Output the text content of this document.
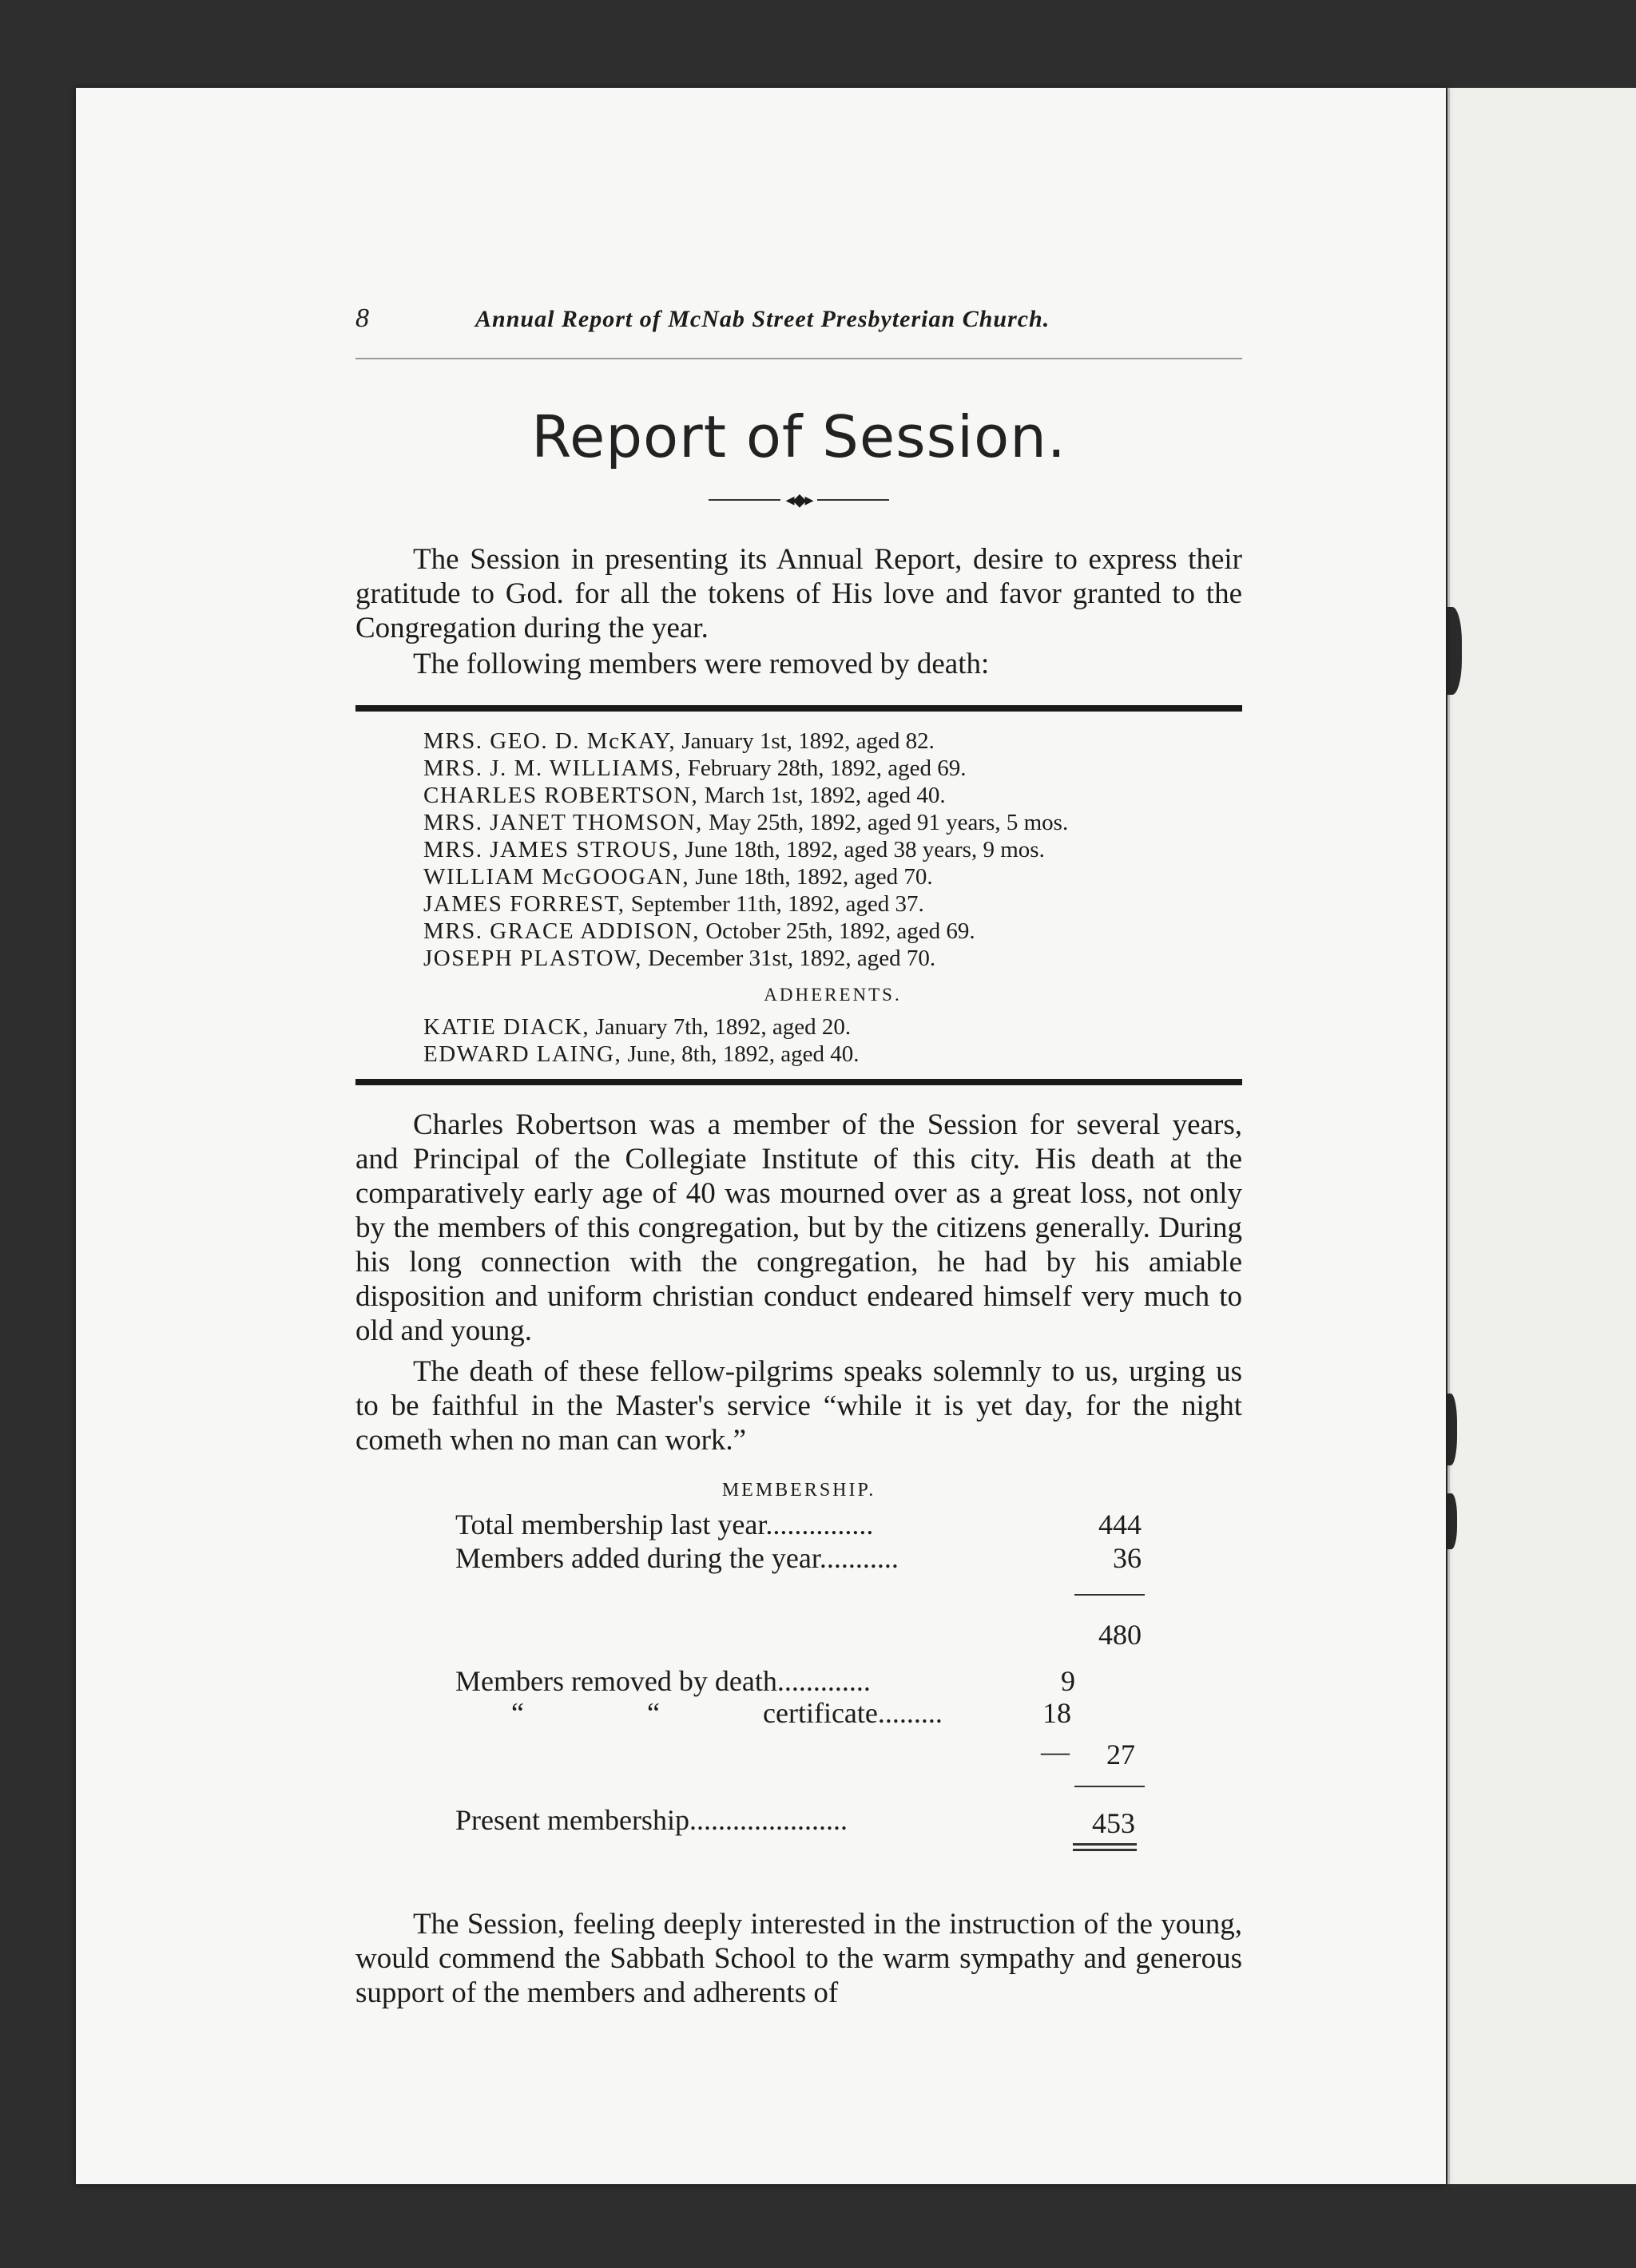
8	Annual Report of McNab Street Presbyterian Church.
Report of Session.
◂◆▸

The Session in presenting its Annual Report, desire to express their gratitude to God. for all the tokens of His love and favor granted to the Congregation during the year.

The following members were removed by death:

MRS. GEO. D. McKAY, January 1st, 1892, aged 82.
MRS. J. M. WILLIAMS, February 28th, 1892, aged 69.
CHARLES ROBERTSON, March 1st, 1892, aged 40.
MRS. JANET THOMSON, May 25th, 1892, aged 91 years, 5 mos.
MRS. JAMES STROUS, June 18th, 1892, aged 38 years, 9 mos.
WILLIAM McGOOGAN, June 18th, 1892, aged 70.
JAMES FORREST, September 11th, 1892, aged 37.
MRS. GRACE ADDISON, October 25th, 1892, aged 69.
JOSEPH PLASTOW, December 31st, 1892, aged 70.
ADHERENTS.
KATIE DIACK, January 7th, 1892, aged 20.
EDWARD LAING, June, 8th, 1892, aged 40.

Charles Robertson was a member of the Session for several years, and Principal of the Collegiate Institute of this city. His death at the comparatively early age of 40 was mourned over as a great loss, not only by the members of this congregation, but by the citizens generally. During his long connection with the congregation, he had by his amiable disposition and uniform christian conduct endeared himself very much to old and young.

The death of these fellow-pilgrims speaks solemnly to us, urging us to be faithful in the Master's service “while it is yet day, for the night cometh when no man can work.”

MEMBERSHIP.
Total membership last year...............	444
Members added during the year...........	36
480
Members removed by death.............	9
“	“	certificate.........	18
— 27
Present membership......................	453

The Session, feeling deeply interested in the instruction of the young, would commend the Sabbath School to the warm sympathy and generous support of the members and adherents of
